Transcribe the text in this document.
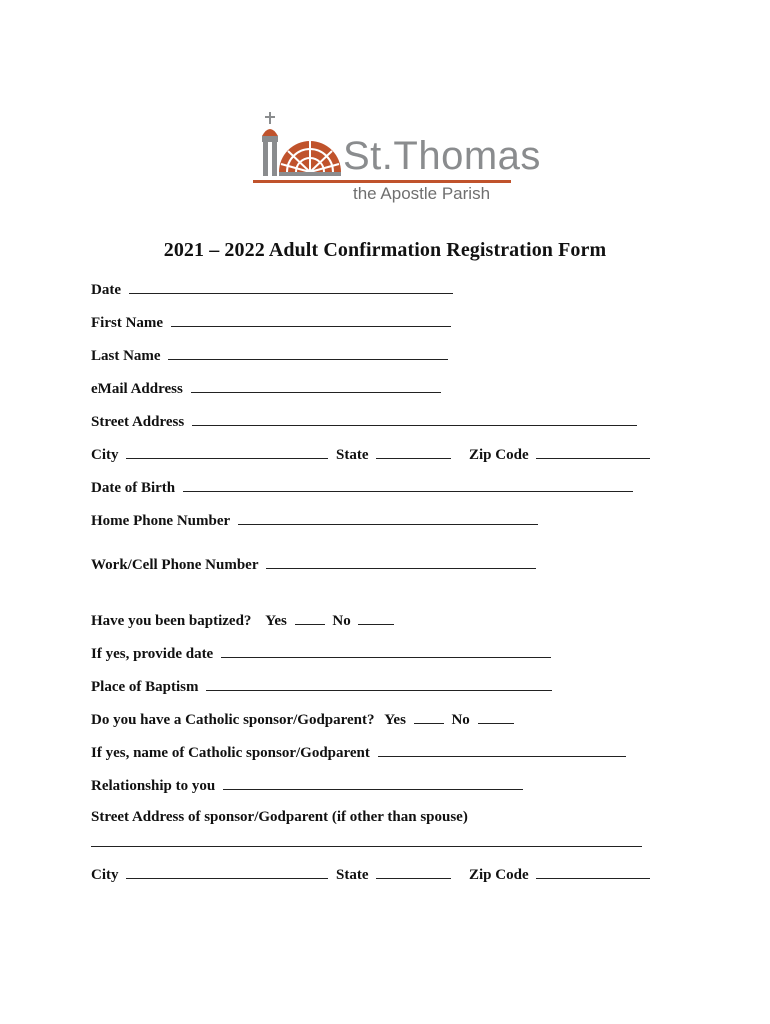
St.Thomas
the Apostle Parish
2021 – 2022 Adult Confirmation Registration Form
Date
First Name
Last Name
eMail Address
Street Address
City	State	Zip Code
Date of Birth
Home Phone Number
Work/Cell Phone Number
Have you been baptized? Yes	No
If yes, provide date
Place of Baptism
Do you have a Catholic sponsor/Godparent? Yes	No
If yes, name of Catholic sponsor/Godparent
Relationship to you
Street Address of sponsor/Godparent (if other than spouse)
City	State	Zip Code
